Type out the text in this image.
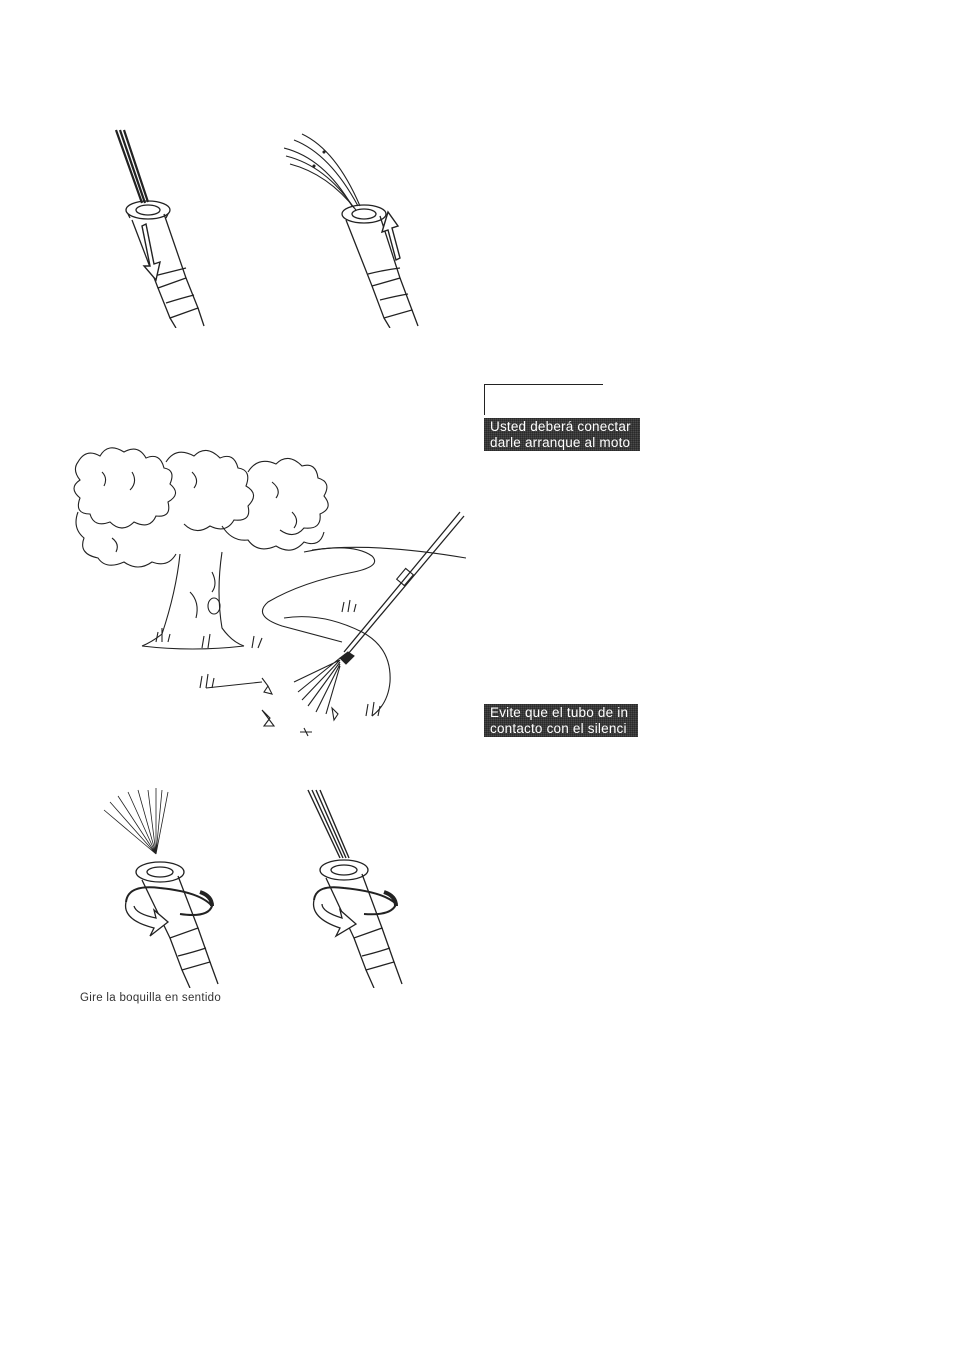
Usted deberá conectar
darle arranque al moto
Evite que el tubo de in
contacto con el silenci
Gire la boquilla en sentido
